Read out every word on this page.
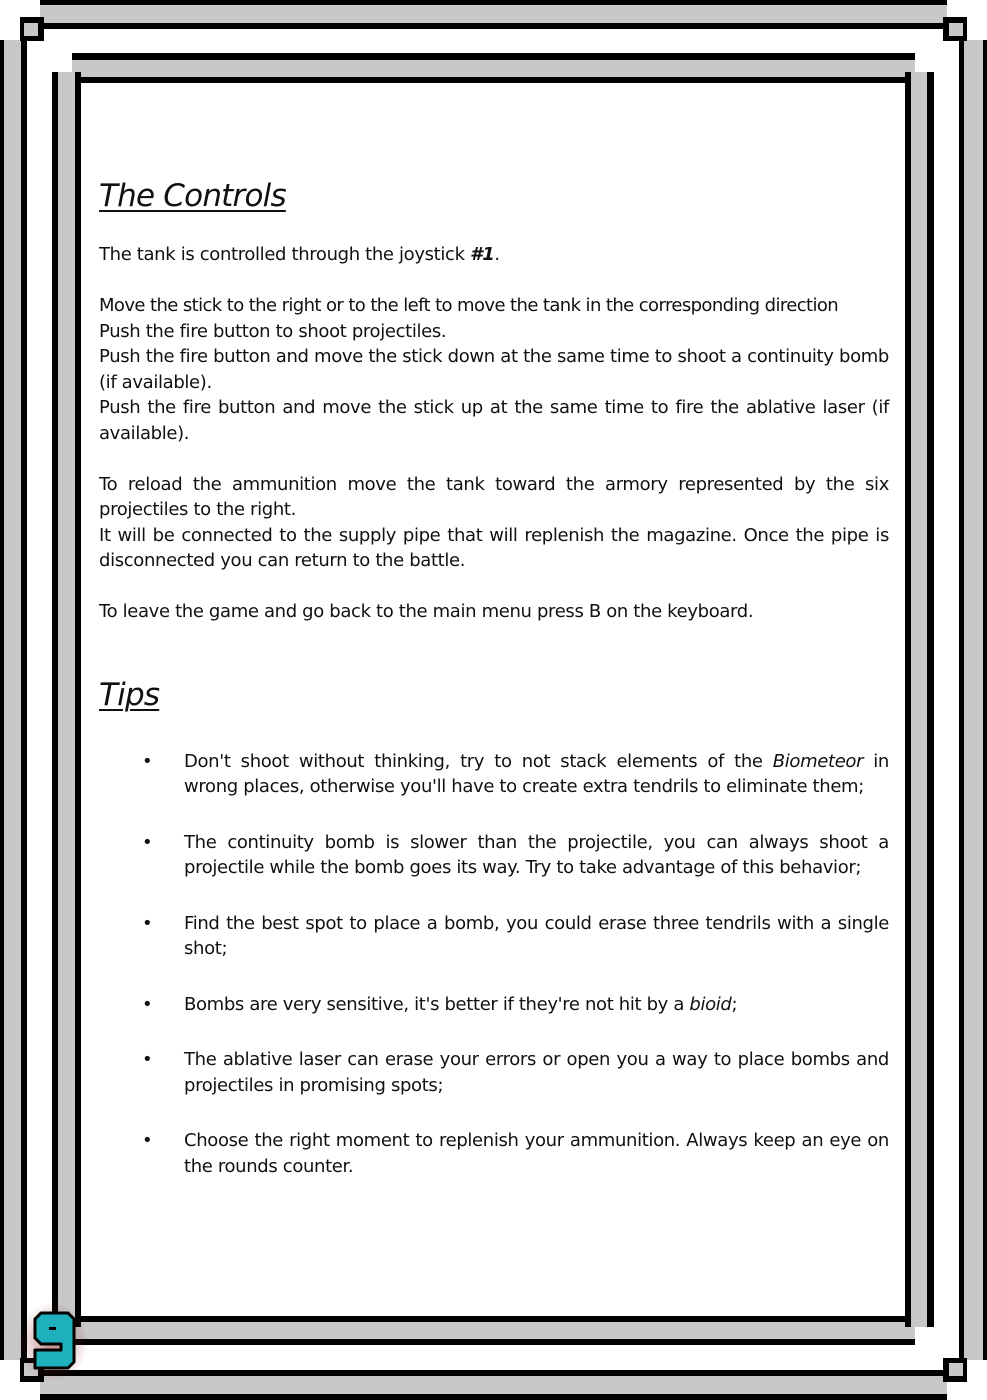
The Controls

The tank is controlled through the joystick #1.

Move the stick to the right or to the left to move the tank in the corresponding direction

Push the fire button to shoot projectiles.

Push the fire button and move the stick down at the same time to shoot a continuity bomb (if available).

Push the fire button and move the stick up at the same time to fire the ablative laser (if available).

To reload the ammunition move the tank toward the armory represented by the six projectiles to the right.

It will be connected to the supply pipe that will replenish the magazine. Once the pipe is disconnected you can return to the battle.

To leave the game and go back to the main menu press B on the keyboard.

Tips
• Don't shoot without thinking, try to not stack elements of the Biometeor in wrong places, otherwise you'll have to create extra tendrils to eliminate them;
• The continuity bomb is slower than the projectile, you can always shoot a projectile while the bomb goes its way. Try to take advantage of this behavior;
• Find the best spot to place a bomb, you could erase three tendrils with a single shot;
• Bombs are very sensitive, it's better if they're not hit by a bioid;
• The ablative laser can erase your errors or open you a way to place bombs and projectiles in promising spots;
• Choose the right moment to replenish your ammunition. Always keep an eye on the rounds counter.
